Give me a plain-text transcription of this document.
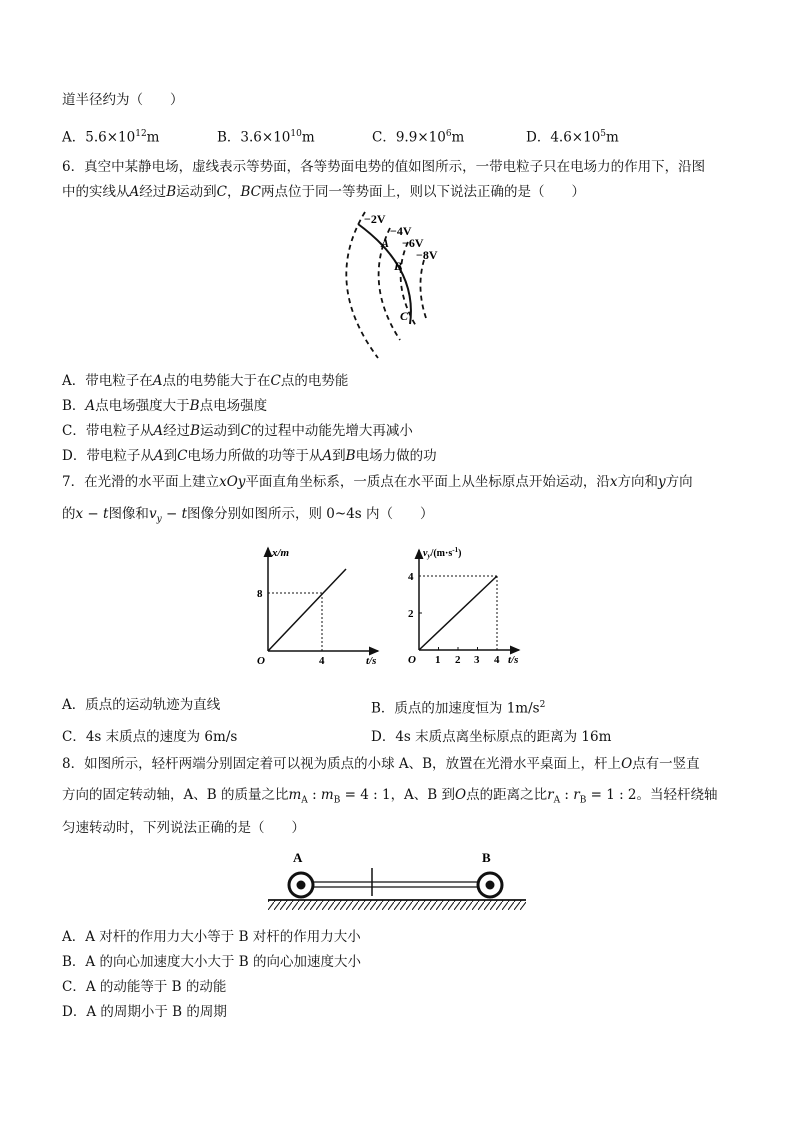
道半径约为（　　）
A．$5.6\times 10^{12}m$	B．$3.6\times 10^{10}m$	C．$9.9\times 10^6m$	D．$4.6\times 10^5m$
6．真空中某静电场，虚线表示等势面，各等势面电势的值如图所示，一带电粒子只在电场力的作用下，沿图
中的实线从A经过B运动到C，BC两点位于同一等势面上，则以下说法正确的是（　　）
−2V
−4V
−6V
−8V
A
B
C
A．带电粒子在A点的电势能大于在C点的电势能
B．A点电场强度大于B点电场强度
C．带电粒子从A经过B运动到C的过程中动能先增大再减小
D．带电粒子从A到C电场力所做的功等于从A到B电场力做的功
7．在光滑的水平面上建立xOy平面直角坐标系，一质点在水平面上从坐标原点开始运动，沿x方向和y方向
的x − t图像和$v_y - t$图像分别如图所示，则 0~4s 内（　　）
x/m
8
4
O	t/s
$v_y/(m\cdot s^{-1})$
4
2
O 1 2 3 4 t/s
A．质点的运动轨迹为直线	B．质点的加速度恒为 $1m/s^2$
C．4s 末质点的速度为 6m/s	D．4s 末质点离坐标原点的距离为 16m
8．如图所示，轻杆两端分别固定着可以视为质点的小球 A、B，放置在光滑水平桌面上，杆上O点有一竖直
方向的固定转动轴，A、B 的质量之比$m_A$ : $m_B = 4$ : 1，A、B 到O点的距离之比$r_A$ : $r_B = 1$ : 2。当轻杆绕轴
匀速转动时，下列说法正确的是（　　）
A	B
A．A 对杆的作用力大小等于 B 对杆的作用力大小
B．A 的向心加速度大小大于 B 的向心加速度大小
C．A 的动能等于 B 的动能
D．A 的周期小于 B 的周期
